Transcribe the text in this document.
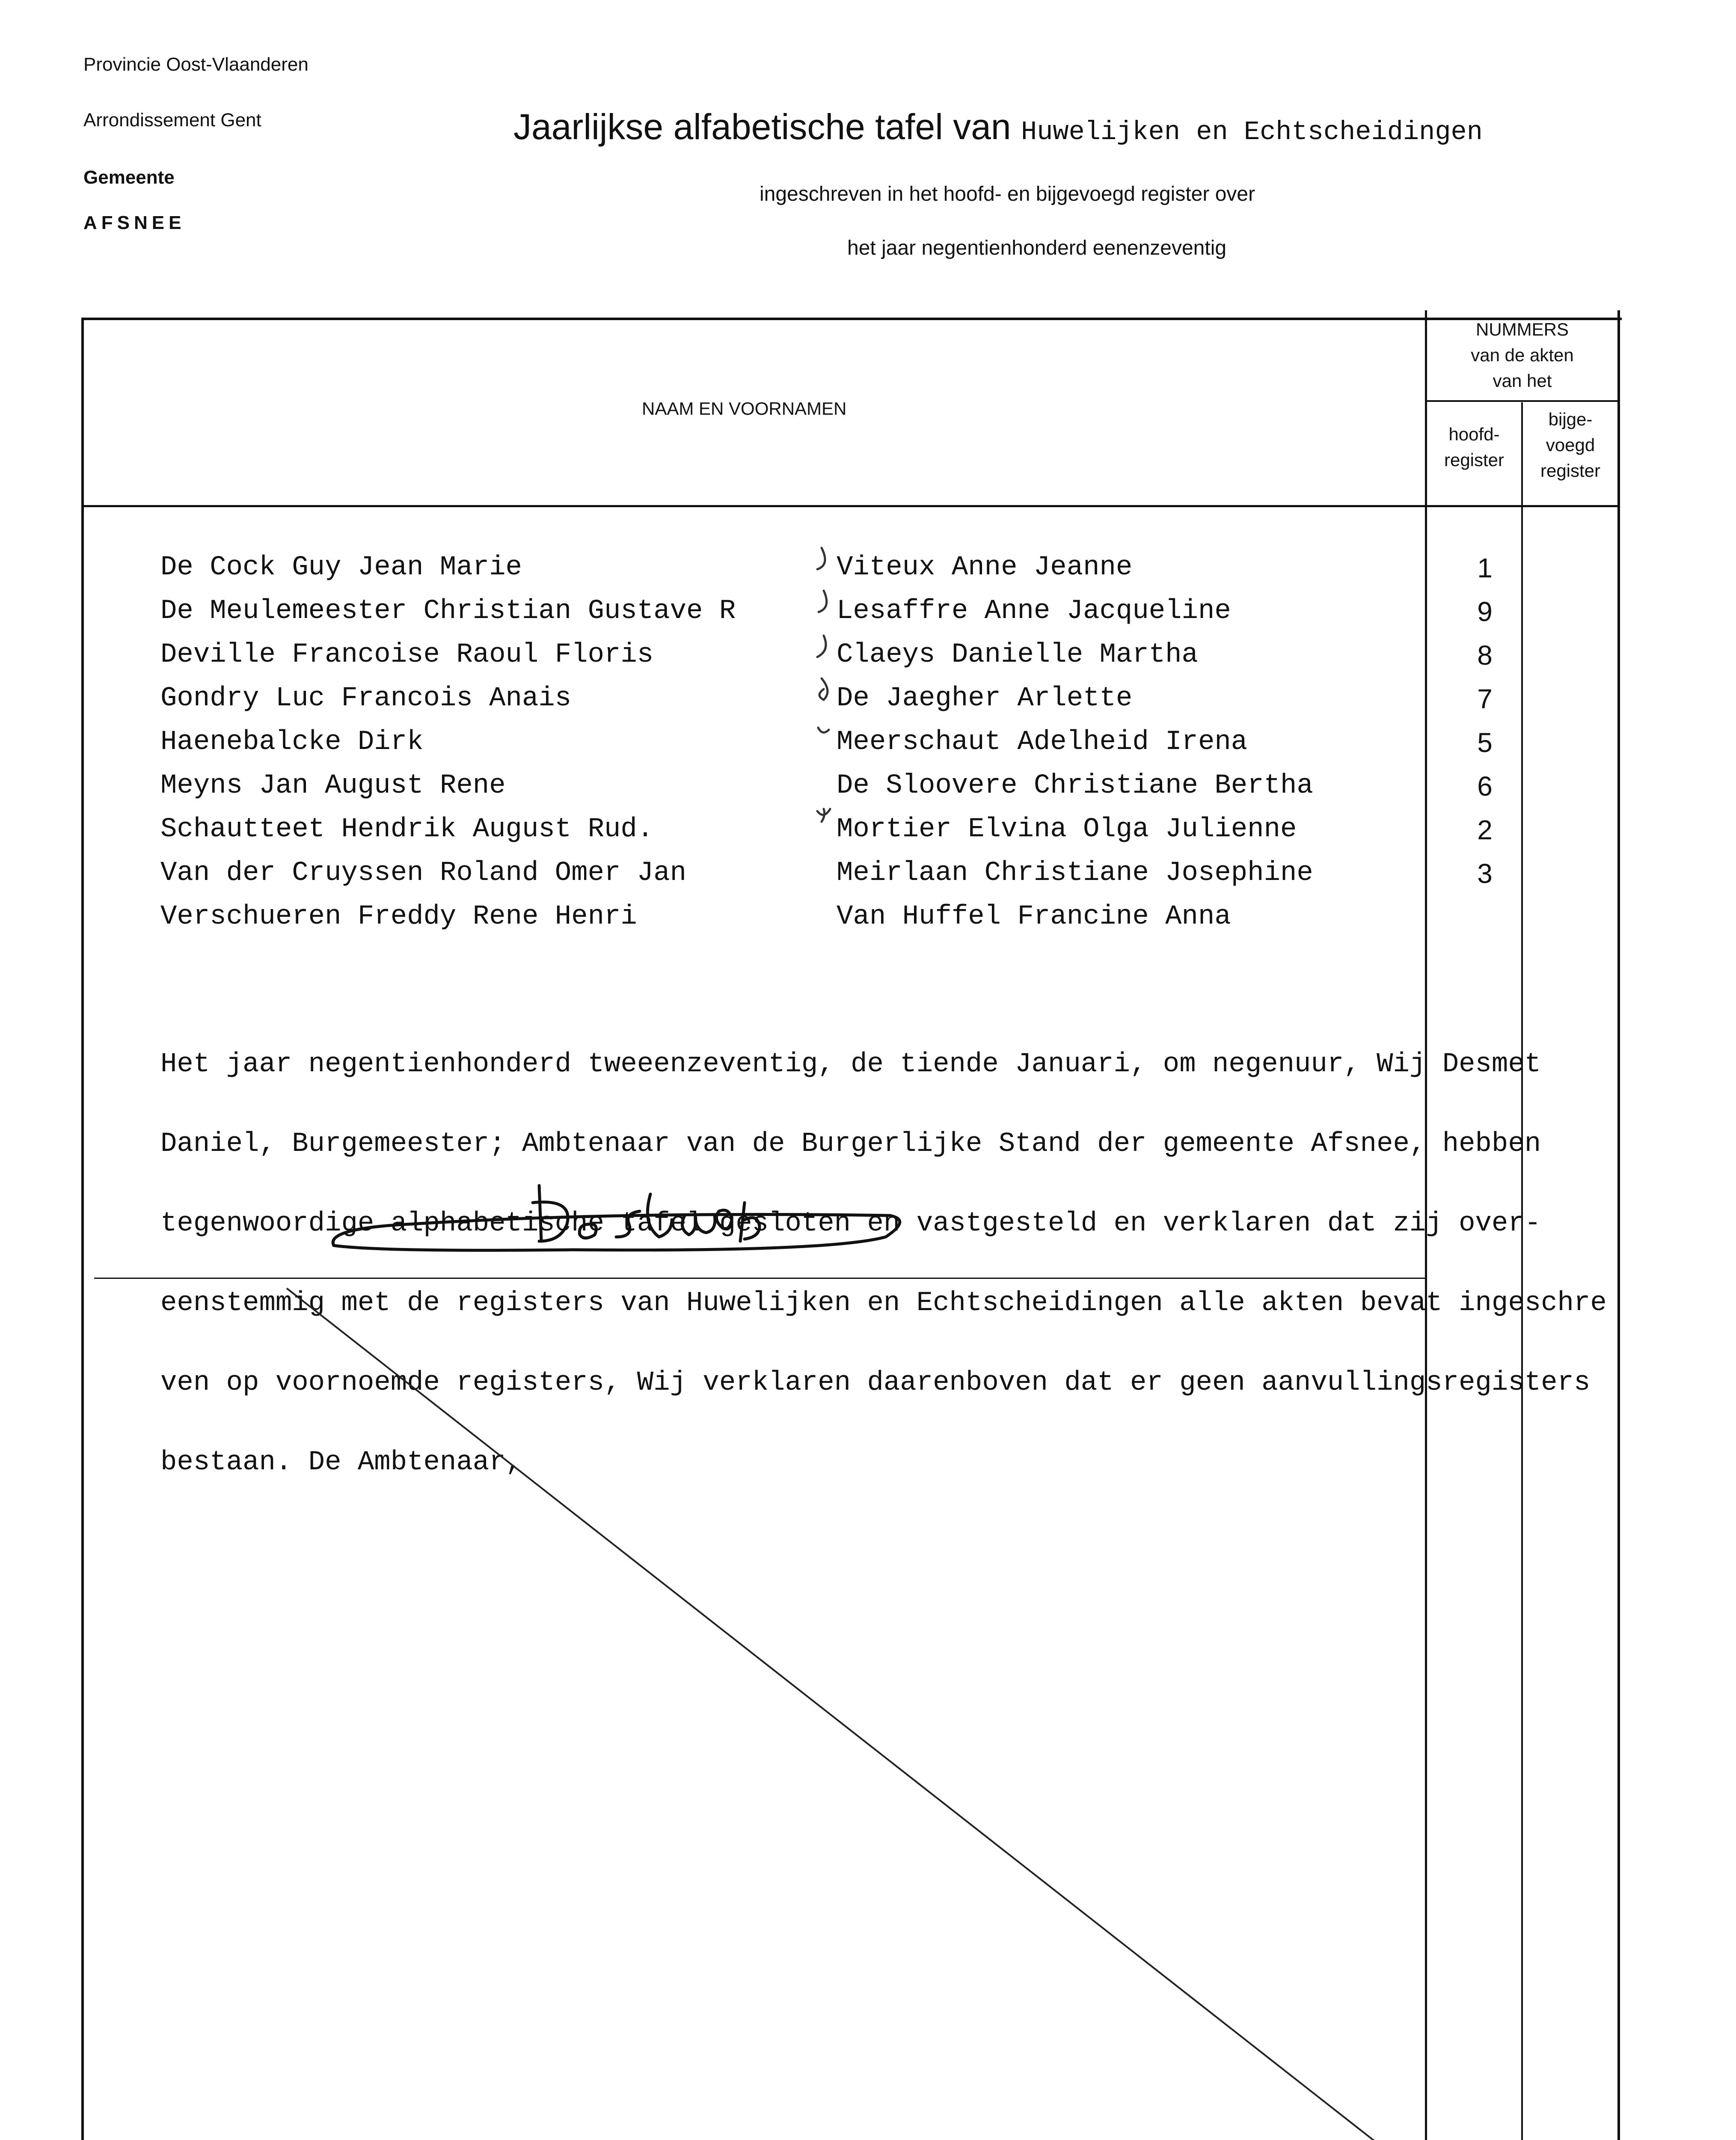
Provincie Oost-Vlaanderen
Arrondissement Gent
Gemeente
AFSNEE
Jaarlijkse alfabetische tafel van Huwelijken en Echtscheidingen
ingeschreven in het hoofd- en bijgevoegd register over
het jaar negentienhonderd eenenzeventig
NAAM EN VOORNAMEN
NUMMERS
van de akten
van het
hoofd-
register
bijge-
voegd
register
De Cock Guy Jean Marie	Viteux Anne Jeanne	1
De Meulemeester Christian Gustave R	Lesaffre Anne Jacqueline	9
Deville Francoise Raoul Floris	Claeys Danielle Martha	8
Gondry Luc Francois Anais	De Jaegher Arlette	7
Haenebalcke Dirk	Meerschaut Adelheid Irena	5
Meyns Jan August Rene	De Sloovere Christiane Bertha	6
Schautteet Hendrik August Rud.	Mortier Elvina Olga Julienne	2
Van der Cruyssen Roland Omer Jan	Meirlaan Christiane Josephine	3
Verschueren Freddy Rene Henri	Van Huffel Francine Anna

Het jaar negentienhonderd tweeenzeventig, de tiende Januari, om negenuur, Wij Desmet

Daniel, Burgemeester; Ambtenaar van de Burgerlijke Stand der gemeente Afsnee, hebben

tegenwoordige alphabetische tafel gesloten en vastgesteld en verklaren dat zij over-

eenstemmig met de registers van Huwelijken en Echtscheidingen alle akten bevat ingeschre

ven op voornoemde registers, Wij verklaren daarenboven dat er geen aanvullingsregisters

bestaan. De Ambtenaar,
